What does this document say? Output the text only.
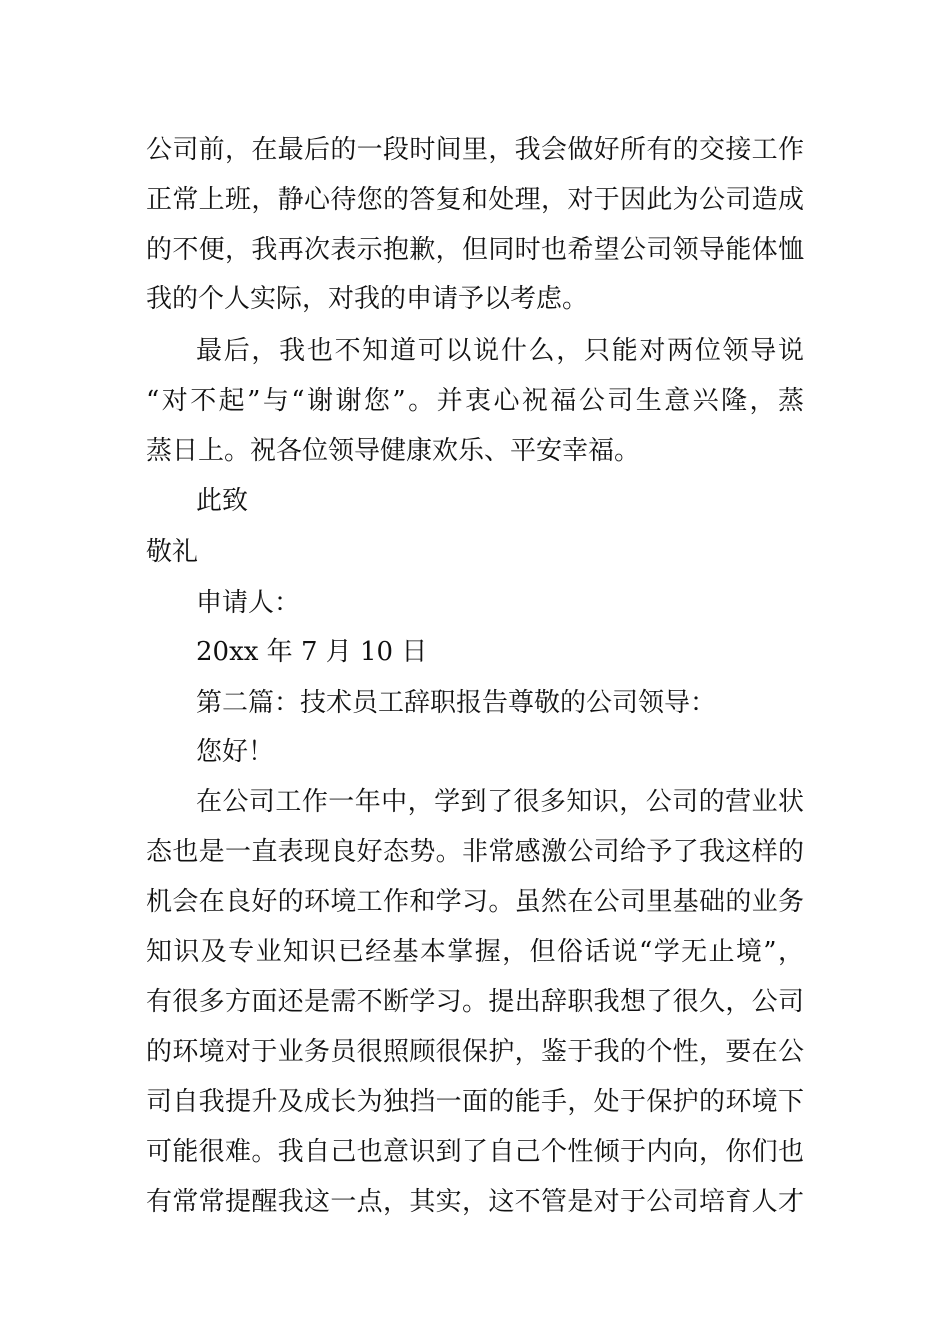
公司前，在最后的一段时间里，我会做好所有的交接工作
正常上班，静心待您的答复和处理，对于因此为公司造成
的不便，我再次表示抱歉，但同时也希望公司领导能体恤
我的个人实际，对我的申请予以考虑。
最后，我也不知道可以说什么，只能对两位领导说
“对不起”与“谢谢您”。并衷心祝福公司生意兴隆，蒸
蒸日上。祝各位领导健康欢乐、平安幸福。
此致
敬礼
申请人：
20xx 年 7 月 10 日
第二篇：技术员工辞职报告尊敬的公司领导：
您好！
在公司工作一年中，学到了很多知识，公司的营业状
态也是一直表现良好态势。非常感激公司给予了我这样的
机会在良好的环境工作和学习。虽然在公司里基础的业务
知识及专业知识已经基本掌握，但俗话说“学无止境”，
有很多方面还是需不断学习。提出辞职我想了很久，公司
的环境对于业务员很照顾很保护，鉴于我的个性，要在公
司自我提升及成长为独挡一面的能手，处于保护的环境下
可能很难。我自己也意识到了自己个性倾于内向，你们也
有常常提醒我这一点，其实，这不管是对于公司培育人才
